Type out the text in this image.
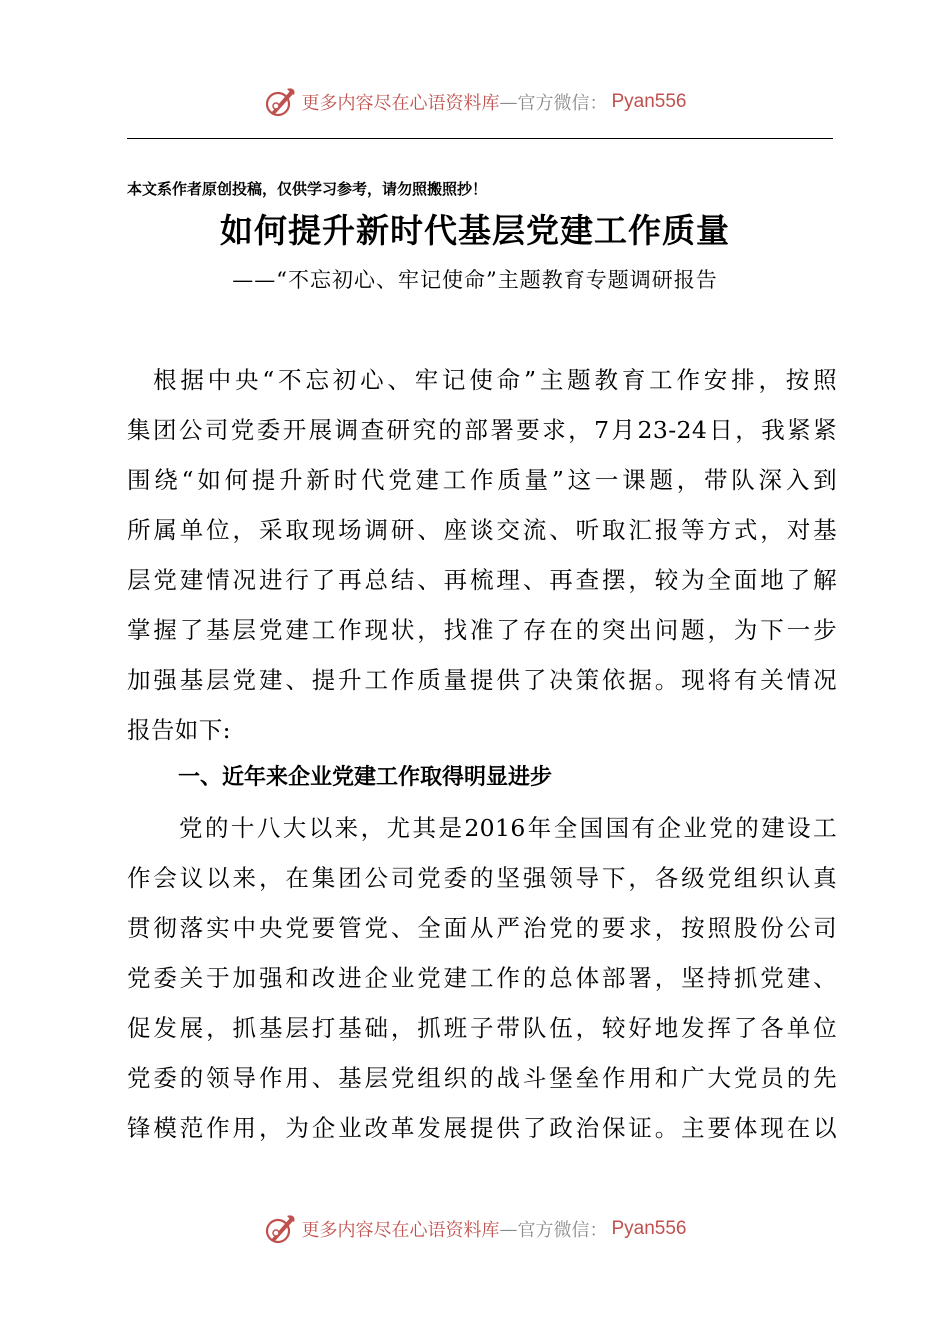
更多内容尽在心语资料库 — 官方微信： Pyan556
本文系作者原创投稿，仅供学习参考，请勿照搬照抄！
如何提升新时代基层党建工作质量
——“不忘初心、牢记使命”主题教育专题调研报告
根据中央“不忘初心、牢记使命”主题教育工作安排，按照
集团公司党委开展调查研究的部署要求，7月23-24日，我紧紧
围绕“如何提升新时代党建工作质量”这一课题，带队深入到
所属单位，采取现场调研、座谈交流、听取汇报等方式，对基
层党建情况进行了再总结、再梳理、再查摆，较为全面地了解
掌握了基层党建工作现状，找准了存在的突出问题，为下一步
加强基层党建、提升工作质量提供了决策依据。现将有关情况
报告如下:
一、近年来企业党建工作取得明显进步
党的十八大以来，尤其是2016年全国国有企业党的建设工
作会议以来，在集团公司党委的坚强领导下，各级党组织认真
贯彻落实中央党要管党、全面从严治党的要求，按照股份公司
党委关于加强和改进企业党建工作的总体部署，坚持抓党建、
促发展，抓基层打基础，抓班子带队伍，较好地发挥了各单位
党委的领导作用、基层党组织的战斗堡垒作用和广大党员的先
锋模范作用，为企业改革发展提供了政治保证。主要体现在以
更多内容尽在心语资料库 — 官方微信： Pyan556
